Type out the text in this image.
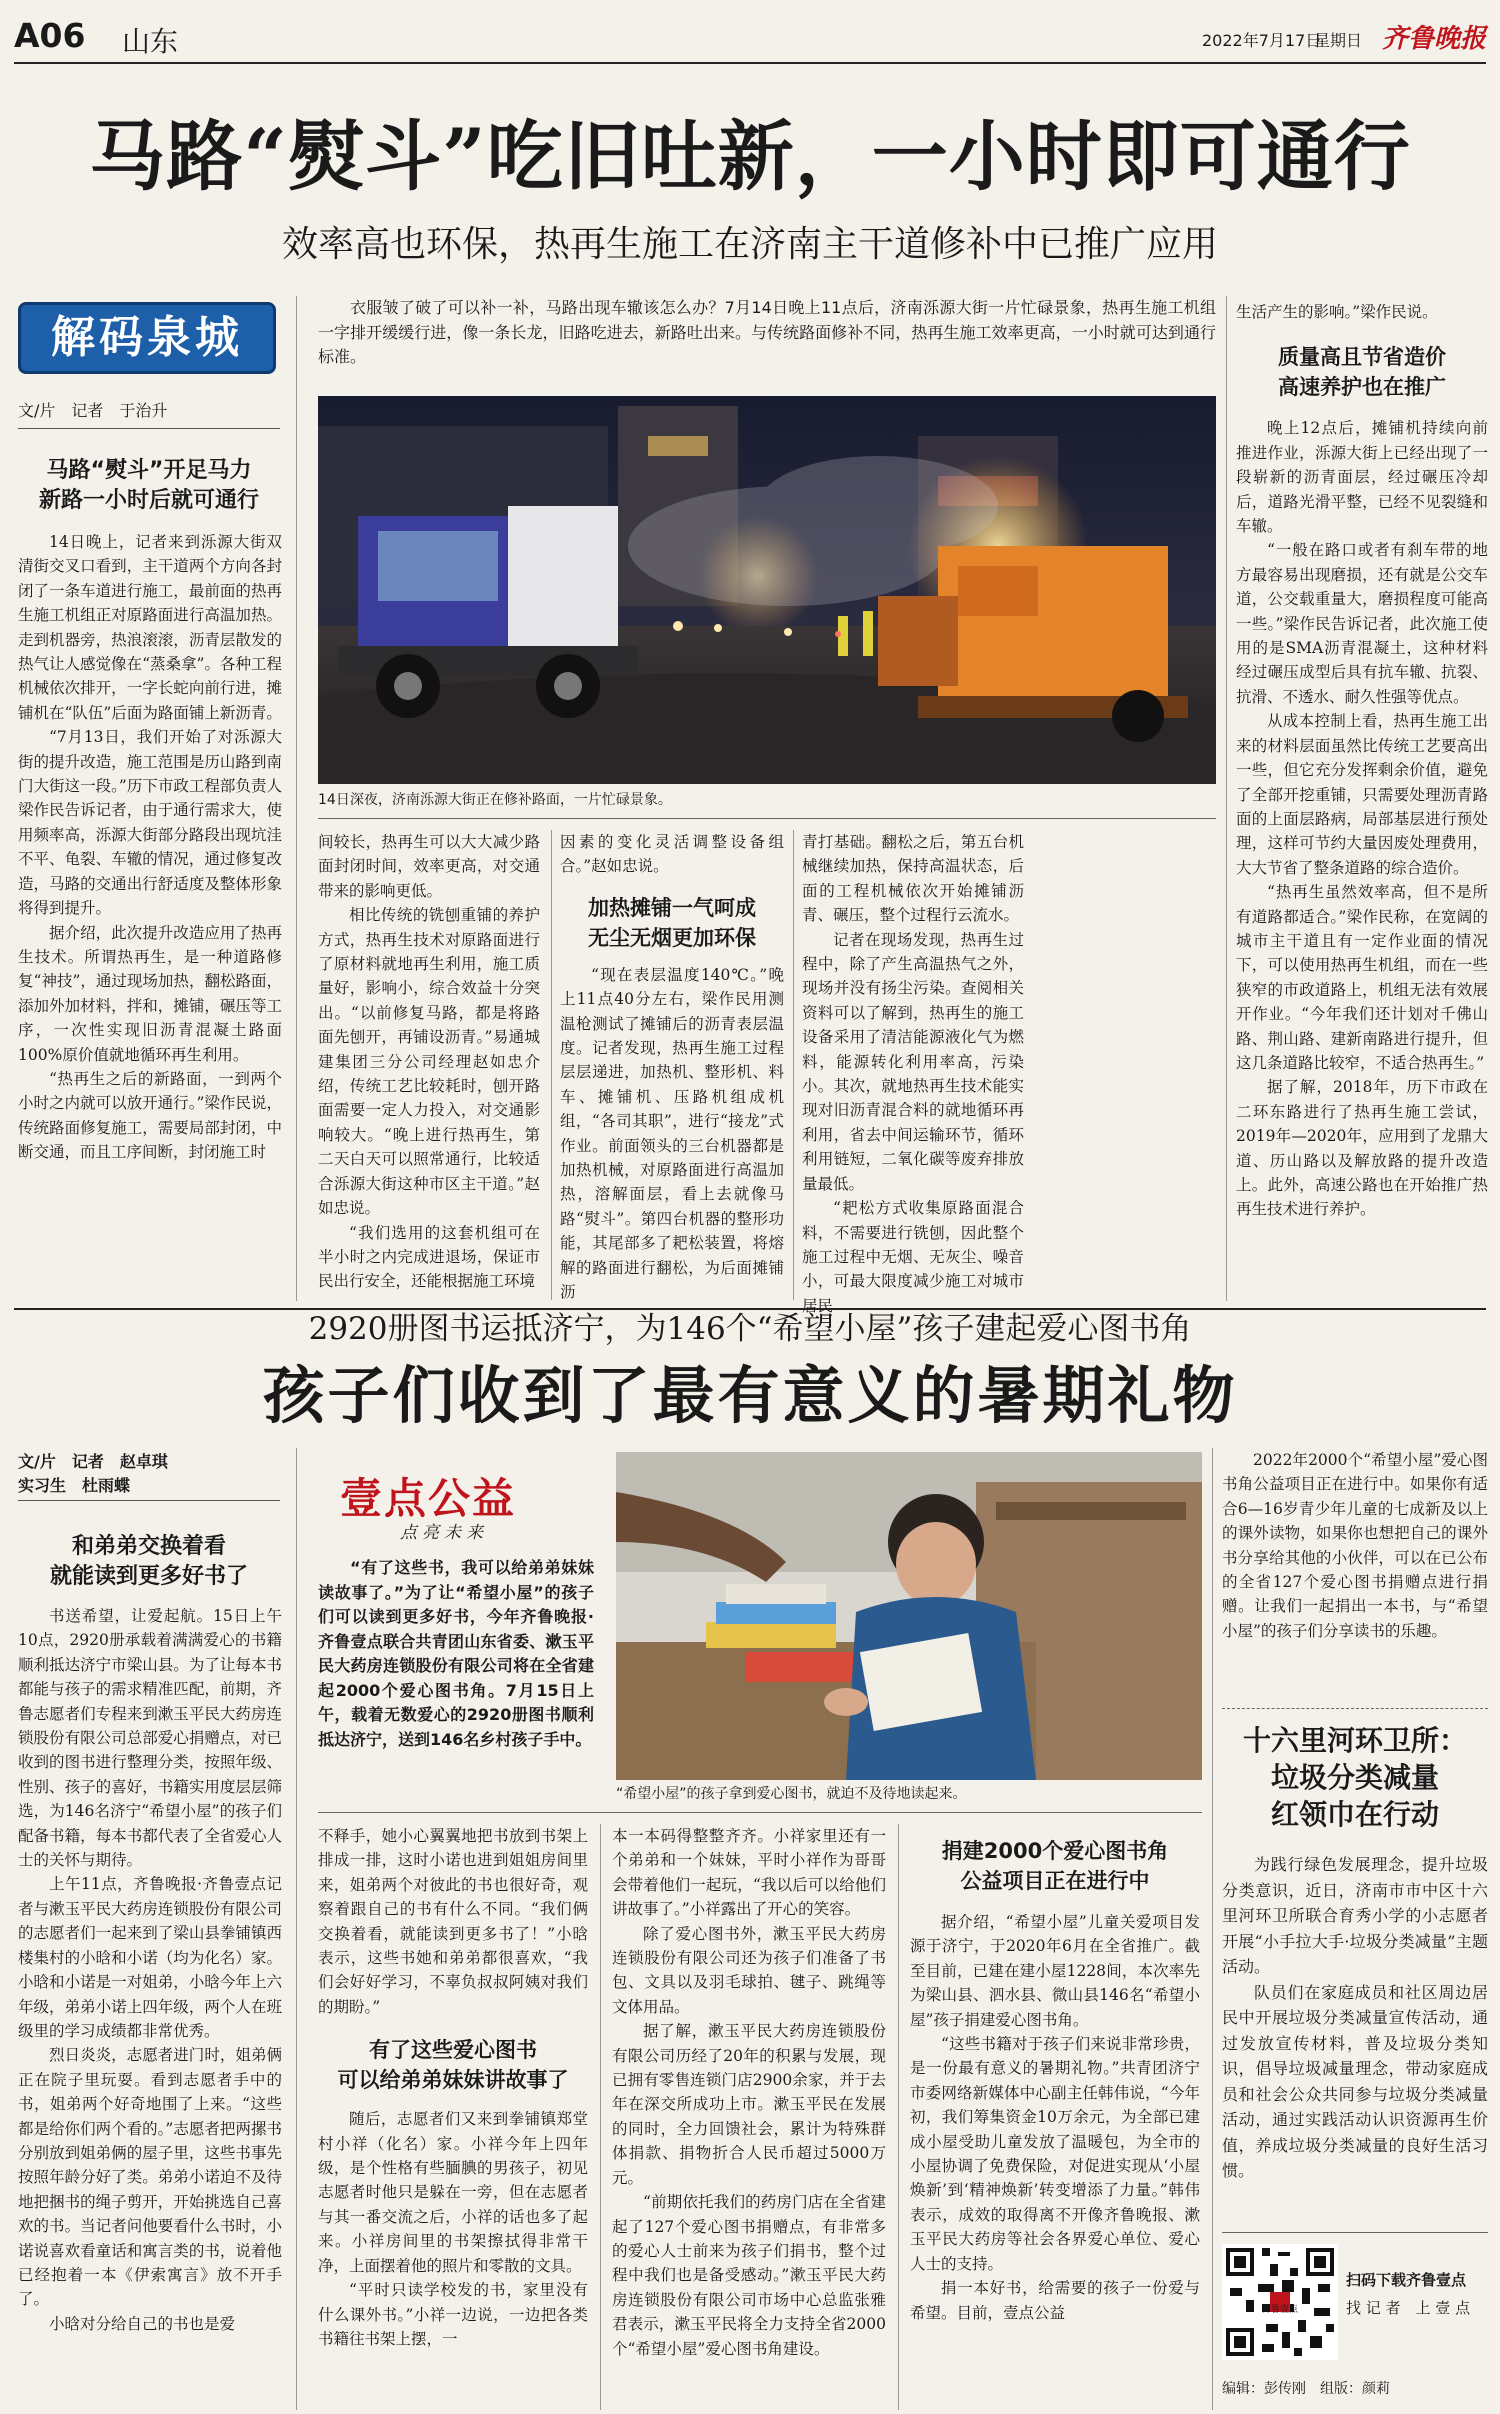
A06 山东	2022年7月17日
星期日 齐鲁晚报
马路“熨斗”吃旧吐新，一小时即可通行
效率高也环保，热再生施工在济南主干道修补中已推广应用
解码泉城
文/片　记者　于治升
马路“熨斗”开足马力
新路一小时后就可通行

14日晚上，记者来到泺源大街双清街交叉口看到，主干道两个方向各封闭了一条车道进行施工，最前面的热再生施工机组正对原路面进行高温加热。走到机器旁，热浪滚滚，沥青层散发的热气让人感觉像在“蒸桑拿”。各种工程机械依次排开，一字长蛇向前行进，摊铺机在“队伍”后面为路面铺上新沥青。

“7月13日，我们开始了对泺源大街的提升改造，施工范围是历山路到南门大街这一段。”历下市政工程部负责人梁作民告诉记者，由于通行需求大，使用频率高，泺源大街部分路段出现坑洼不平、龟裂、车辙的情况，通过修复改造，马路的交通出行舒适度及整体形象将得到提升。

据介绍，此次提升改造应用了热再生技术。所谓热再生，是一种道路修复“神技”，通过现场加热，翻松路面，添加外加材料，拌和，摊铺，碾压等工序，一次性实现旧沥青混凝土路面100%原价值就地循环再生利用。

“热再生之后的新路面，一到两个小时之内就可以放开通行。”梁作民说，传统路面修复施工，需要局部封闭，中断交通，而且工序间断，封闭施工时

衣服皱了破了可以补一补，马路出现车辙该怎么办？7月14日晚上11点后，济南泺源大街一片忙碌景象，热再生施工机组一字排开缓缓行进，像一条长龙，旧路吃进去，新路吐出来。与传统路面修补不同，热再生施工效率更高，一小时就可达到通行标准。

14日深夜，济南泺源大街正在修补路面，一片忙碌景象。

间较长，热再生可以大大减少路面封闭时间，效率更高，对交通带来的影响更低。

相比传统的铣刨重铺的养护方式，热再生技术对原路面进行了原材料就地再生利用，施工质量好，影响小，综合效益十分突出。“以前修复马路，都是将路面先刨开，再铺设沥青。”易通城建集团三分公司经理赵如忠介绍，传统工艺比较耗时，刨开路面需要一定人力投入，对交通影响较大。“晚上进行热再生，第二天白天可以照常通行，比较适合泺源大街这种市区主干道。”赵如忠说。

“我们选用的这套机组可在半小时之内完成进退场，保证市民出行安全，还能根据施工环境

因素的变化灵活调整设备组合。”赵如忠说。

加热摊铺一气呵成
无尘无烟更加环保

“现在表层温度140℃。”晚上11点40分左右，梁作民用测温枪测试了摊铺后的沥青表层温度。记者发现，热再生施工过程层层递进，加热机、整形机、料车、摊铺机、压路机组成机组，“各司其职”，进行“接龙”式作业。前面领头的三台机器都是加热机械，对原路面进行高温加热，溶解面层，看上去就像马路“熨斗”。第四台机器的整形功能，其尾部多了耙松装置，将熔解的路面进行翻松，为后面摊铺沥

青打基础。翻松之后，第五台机械继续加热，保持高温状态，后面的工程机械依次开始摊铺沥青、碾压，整个过程行云流水。

记者在现场发现，热再生过程中，除了产生高温热气之外，现场并没有扬尘污染。查阅相关资料可以了解到，热再生的施工设备采用了清洁能源液化气为燃料，能源转化利用率高，污染小。其次，就地热再生技术能实现对旧沥青混合料的就地循环再利用，省去中间运输环节，循环利用链短，二氧化碳等废弃排放量最低。

“耙松方式收集原路面混合料，不需要进行铣刨，因此整个施工过程中无烟、无灰尘、噪音小，可最大限度减少施工对城市居民

生活产生的影响。”梁作民说。

质量高且节省造价
高速养护也在推广

晚上12点后，摊铺机持续向前推进作业，泺源大街上已经出现了一段崭新的沥青面层，经过碾压冷却后，道路光滑平整，已经不见裂缝和车辙。

“一般在路口或者有刹车带的地方最容易出现磨损，还有就是公交车道，公交载重量大，磨损程度可能高一些。”梁作民告诉记者，此次施工使用的是SMA沥青混凝土，这种材料经过碾压成型后具有抗车辙、抗裂、抗滑、不透水、耐久性强等优点。

从成本控制上看，热再生施工出来的材料层面虽然比传统工艺要高出一些，但它充分发挥剩余价值，避免了全部开挖重铺，只需要处理沥青路面的上面层路病，局部基层进行预处理，这样可节约大量因废处理费用，大大节省了整条道路的综合造价。

“热再生虽然效率高，但不是所有道路都适合。”梁作民称，在宽阔的城市主干道且有一定作业面的情况下，可以使用热再生机组，而在一些狭窄的市政道路上，机组无法有效展开作业。“今年我们还计划对千佛山路、荆山路、建新南路进行提升，但这几条道路比较窄，不适合热再生。”

据了解，2018年，历下市政在二环东路进行了热再生施工尝试，2019年—2020年，应用到了龙鼎大道、历山路以及解放路的提升改造上。此外，高速公路也在开始推广热再生技术进行养护。

2920册图书运抵济宁，为146个“希望小屋”孩子建起爱心图书角
孩子们收到了最有意义的暑期礼物
文/片　记者　赵卓琪
实习生　杜雨蝶
和弟弟交换着看
就能读到更多好书了

书送希望，让爱起航。15日上午10点，2920册承载着满满爱心的书籍顺利抵达济宁市梁山县。为了让每本书都能与孩子的需求精准匹配，前期，齐鲁志愿者们专程来到漱玉平民大药房连锁股份有限公司总部爱心捐赠点，对已收到的图书进行整理分类，按照年级、性别、孩子的喜好，书籍实用度层层筛选，为146名济宁“希望小屋”的孩子们配备书籍，每本书都代表了全省爱心人士的关怀与期待。

上午11点，齐鲁晚报·齐鲁壹点记者与漱玉平民大药房连锁股份有限公司的志愿者们一起来到了梁山县拳铺镇西楼集村的小晗和小诺（均为化名）家。小晗和小诺是一对姐弟，小晗今年上六年级，弟弟小诺上四年级，两个人在班级里的学习成绩都非常优秀。

烈日炎炎，志愿者进门时，姐弟俩正在院子里玩耍。看到志愿者手中的书，姐弟两个好奇地围了上来。“这些都是给你们两个看的。”志愿者把两摞书分别放到姐弟俩的屋子里，这些书事先按照年龄分好了类。弟弟小诺迫不及待地把捆书的绳子剪开，开始挑选自己喜欢的书。当记者问他要看什么书时，小诺说喜欢看童话和寓言类的书，说着他已经抱着一本《伊索寓言》放不开手了。

小晗对分给自己的书也是爱

壹点公益
点亮未来

“有了这些书，我可以给弟弟妹妹读故事了。”为了让“希望小屋”的孩子们可以读到更多好书，今年齐鲁晚报·齐鲁壹点联合共青团山东省委、漱玉平民大药房连锁股份有限公司将在全省建起2000个爱心图书角。7月15日上午，载着无数爱心的2920册图书顺利抵达济宁，送到146名乡村孩子手中。

“希望小屋”的孩子拿到爱心图书，就迫不及待地读起来。

不释手，她小心翼翼地把书放到书架上排成一排，这时小诺也进到姐姐房间里来，姐弟两个对彼此的书也很好奇，观察着跟自己的书有什么不同。“我们俩交换着看，就能读到更多书了！”小晗表示，这些书她和弟弟都很喜欢，“我们会好好学习，不辜负叔叔阿姨对我们的期盼。”

有了这些爱心图书
可以给弟弟妹妹讲故事了

随后，志愿者们又来到拳铺镇郑堂村小祥（化名）家。小祥今年上四年级，是个性格有些腼腆的男孩子，初见志愿者时他只是躲在一旁，但在志愿者与其一番交流之后，小祥的话也多了起来。小祥房间里的书架擦拭得非常干净，上面摆着他的照片和零散的文具。

“平时只读学校发的书，家里没有什么课外书。”小祥一边说，一边把各类书籍往书架上摆，一

本一本码得整整齐齐。小祥家里还有一个弟弟和一个妹妹，平时小祥作为哥哥会带着他们一起玩，“我以后可以给他们讲故事了。”小祥露出了开心的笑容。

除了爱心图书外，漱玉平民大药房连锁股份有限公司还为孩子们准备了书包、文具以及羽毛球拍、毽子、跳绳等文体用品。

据了解，漱玉平民大药房连锁股份有限公司历经了20年的积累与发展，现已拥有零售连锁门店2900余家，并于去年在深交所成功上市。漱玉平民在发展的同时，全力回馈社会，累计为特殊群体捐款、捐物折合人民币超过5000万元。

“前期依托我们的药房门店在全省建起了127个爱心图书捐赠点，有非常多的爱心人士前来为孩子们捐书，整个过程中我们也是备受感动。”漱玉平民大药房连锁股份有限公司市场中心总监张雅君表示，漱玉平民将全力支持全省2000个“希望小屋”爱心图书角建设。

捐建2000个爱心图书角
公益项目正在进行中

据介绍，“希望小屋”儿童关爱项目发源于济宁，于2020年6月在全省推广。截至目前，已建在建小屋1228间，本次率先为梁山县、泗水县、微山县146名“希望小屋”孩子捐建爱心图书角。

“这些书籍对于孩子们来说非常珍贵，是一份最有意义的暑期礼物。”共青团济宁市委网络新媒体中心副主任韩伟说，“今年初，我们筹集资金10万余元，为全部已建成小屋受助儿童发放了温暖包，为全市的小屋协调了免费保险，对促进实现从‘小屋焕新’到‘精神焕新’转变增添了力量。”韩伟表示，成效的取得离不开像齐鲁晚报、漱玉平民大药房等社会各界爱心单位、爱心人士的支持。

捐一本好书，给需要的孩子一份爱与希望。目前，壹点公益

2022年2000个“希望小屋”爱心图书角公益项目正在进行中。如果你有适合6—16岁青少年儿童的七成新及以上的课外读物，如果你也想把自己的课外书分享给其他的小伙伴，可以在已公布的全省127个爱心图书捐赠点进行捐赠。让我们一起捐出一本书，与“希望小屋”的孩子们分享读书的乐趣。

十六里河环卫所：
垃圾分类减量
红领巾在行动

为践行绿色发展理念，提升垃圾分类意识，近日，济南市市中区十六里河环卫所联合育秀小学的小志愿者开展“小手拉大手·垃圾分类减量”主题活动。

队员们在家庭成员和社区周边居民中开展垃圾分类减量宣传活动，通过发放宣传材料，普及垃圾分类知识，倡导垃圾减量理念，带动家庭成员和社会公众共同参与垃圾分类减量活动，通过实践活动认识资源再生价值，养成垃圾分类减量的良好生活习惯。

齐鲁壹点
扫码下载齐鲁壹点
找 记 者　上 壹 点
编辑：彭传刚　组版：颜莉
